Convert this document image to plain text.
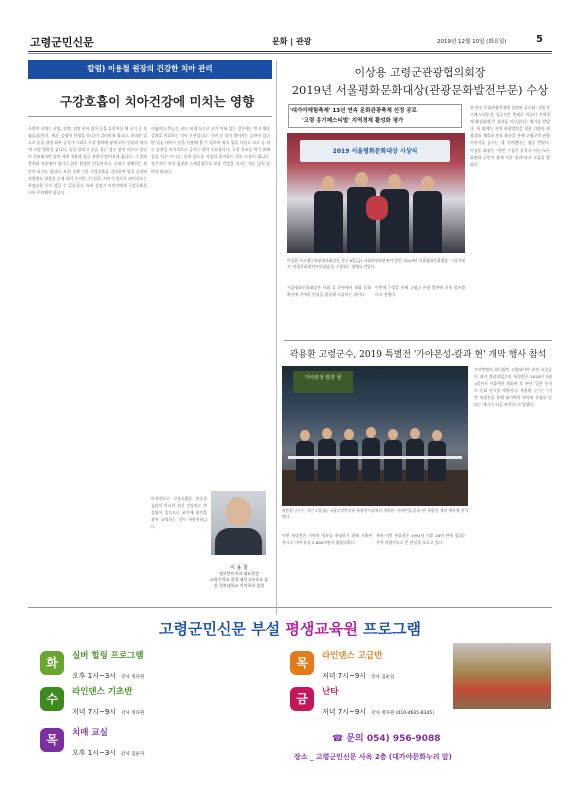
고령군민신문	문화 | 관광	2019년 12월 10일 (화요일)	5
칼럼) 이용철 원장의 건강한 치아 관리
구강호흡이 치아건강에 미치는 영향
사람의 코에는 코털, 점액, 점막 등이 있어 숨을 들이마실 때 공기 중 오염물질(먼지, 세균, 곰팡이 미생물 등)들이 걸러지게 됩니다. 하지만 입으로 숨을 쉬면 외부 공기가 그대로 구강 점막에 닿게 되어 잇몸과 치아에 직접 영향을 줍니다. 입을 벌리고 숨을 쉬는 경우 침이 마르고 입안이 건조해지면 침의 세정 작용과 항균 작용이 떨어지게 됩니다. 그 결과 충치와 잇몸병이 생기기 쉬운 환경이 만들어지고, 구취가 심해지는 원인이 되기도 합니다. 또한 오랜 기간 구강호흡을 지속하면 얼굴 골격과 치열에도 영향을 주게 되어 주걱턱, 긴 얼굴, 치아가 앞으로 튀어나오는 부정교합 등이 생길 수 있습니다. 특히 성장기 어린이에게 구강호흡은 더욱 주의해야 합니다.
비염이나 축농증, 편도 비대 등으로 코가 막혀 있는 경우에는 먼저 해당 질환을 치료하는 것이 우선입니다. 수면 중 입이 벌어지는 습관이 있다면 입술 테이프 등을 사용해 볼 수 있으며 평소 입을 다물고 코로 숨 쉬는 습관을 의식적으로 들이는 것이 중요합니다. 구강 건조를 막기 위해 물을 자주 마시고, 실내 습도를 적절히 유지하는 것도 도움이 됩니다. 정기적인 치과 검진과 스케일링으로 잇몸 건강을 지키는 것도 잊지 말아야 합니다.
마지막으로 구강호흡은 단순한 습관이 아니라 전신 건강과도 연결되어 있으므로 조기에 원인을 찾아 교정하는 것이 바람직합니다.
이 용 철
엠브란트치과 대표원장
고령중학교 졸업 대진고등학교 졸업 경북대학교 치의학과 졸업
이상용 고령군관광협의회장
2019년 서울평화문화대상(관광문화발전부문) 수상
'대가야체험축제' 13년 연속 문화관광축제 선정 공로
'고령 옹기페스티벌' 지역경제 활성화 평가
2019 서울평화문화대상 시상식
이상용 사고령군관광협의회장은 지난 6일(금) 국회의원회관에서 열린 '2019년 서울평화문화대상' 시상식에서 '관광문화발전부문대상'을 수상하는 영예를 안았다.
한 연속 문화관광축제에 선정된 공로와 '고령 옹기페스티벌'을 성공적인 축제로 이끌어 지역경제 활성화에 큰 성과를 이루었다는 평가를 받았다. 이 외에도 지역 관광발전을 위한 다양한 관광상품 개발과 홍보 활동을 통해 고령군의 관광 이미지를 높이는 데 기여했다는 평을 받았다. 이상용 회장은 "이번 수상은 혼자가 아닌 모든 회원과 군민이 함께 이룬 성과"라고 소감을 밝혔다.
서울평화문화대상은 사회 각 분야에서 평화 문화 확산에 기여한 인물을 발굴해 시상하는 상이다.
이번에 수상을 통해 고령군 관광 발전에 더욱 힘쓰겠다고 전했다.
곽용환 고령군수, 2019 특별전 '가야본성-칼과 현' 개막 행사 참석
가야본성 칼과 현
곽용환 군수는 지난 2일(월) 국립중앙박물관 특별전시실에서 개막한 '가야본성-칼과 현' 특별전 개막 행사에 참석했다.
가야연맹의 하나였던 고령대가야 관련 유물들이 대거 출품되었으며 특별전은 2020년 3월 1일까지 서울에서 개최된 후 부산, 일본 등지로 순회 전시될 예정이다. 곽용환 군수는 "이번 특별전을 통해 대가야의 역사와 문화를 알리는 계기가 되길 바란다"고 말했다.
이번 특별전은 가야의 역사를 조명하기 위해 기획된 전시로 가야 유물 2,600여점이 출품되었다.
특히 이번 특별전은 1991년 이후 28년 만에 열리는 가야 특별전으로 큰 관심을 모으고 있다.
고령군민신문 부설 평생교육원 프로그램
화	실버 힐링 프로그램
오후 1시~3시 강사 정다원
목	라인댄스 고급반
저녁 7시~9시 강사 김순임
수	라인댄스 기초반
저녁 7시~9시 강사 정다원
금	난타
저녁 7시~9시 강사 정다원 (010-4635-8345)
목	치매 교실
오후 1시~3시 강사 김순자
☎ 문의 054) 956-9088
장소 _ 고령군민신문 사옥 2층 (대가야문화누리 앞)
